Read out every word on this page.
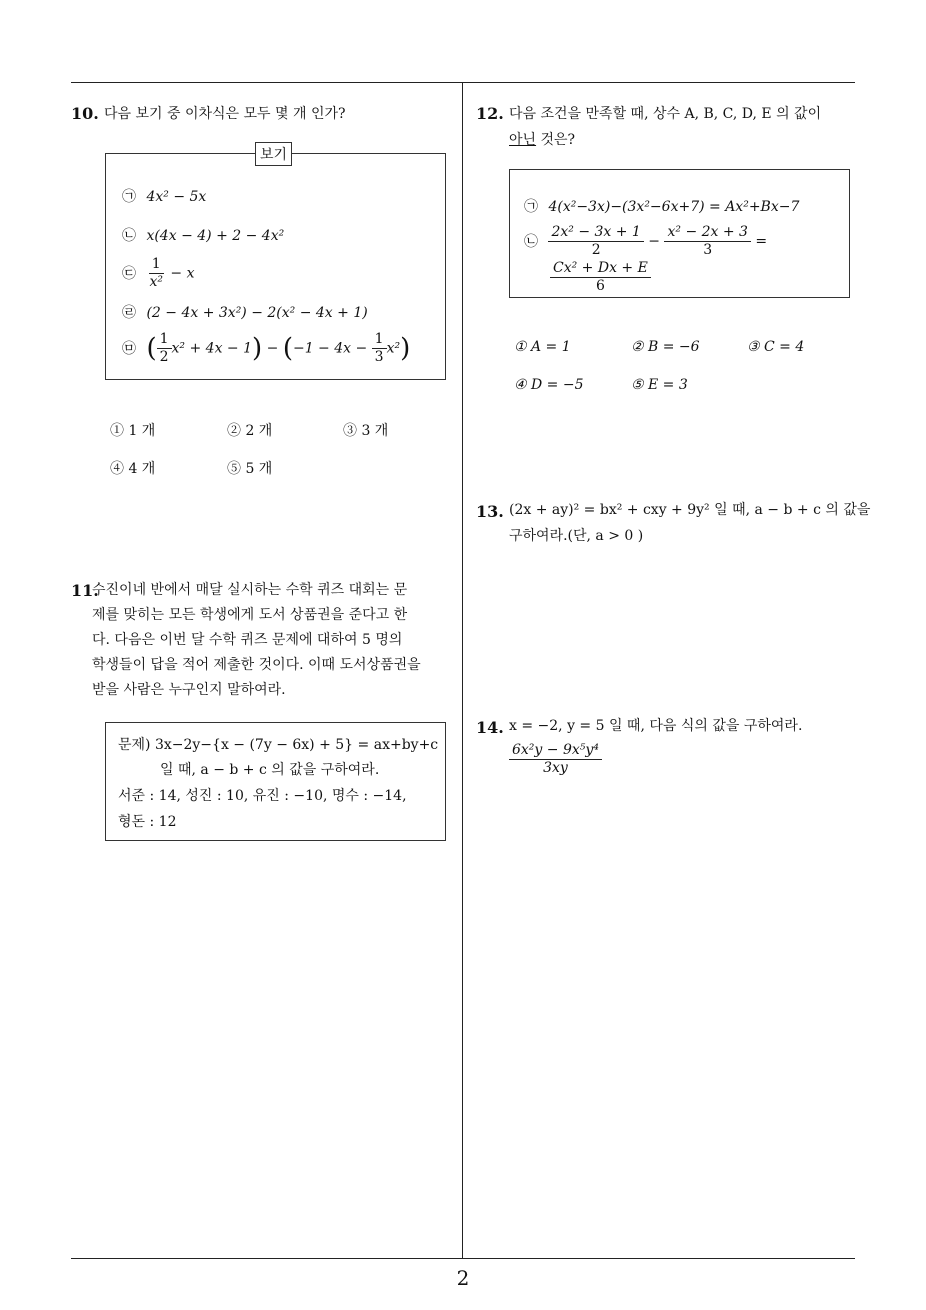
2
10. 다음 보기 중 이차식은 모두 몇 개 인가?
보기
㉠ 4x² − 5x
㉡ x(4x − 4) + 2 − 4x²
㉢ $\frac{1}{\text{x²}} - x$
㉣ (2 − 4x + 3x²) − 2(x² − 4x + 1)
㉤ ( $\frac{1}{2} x^2 + 4x - 1) - (-1 - 4x - \frac{1}{3} x^2)$
① 1 개	② 2 개	③ 3 개
④ 4 개	⑤ 5 개
11.
수진이네 반에서 매달 실시하는 수학 퀴즈 대회는 문
제를 맞히는 모든 학생에게 도서 상품권을 준다고 한
다. 다음은 이번 달 수학 퀴즈 문제에 대하여 5 명의
학생들이 답을 적어 제출한 것이다. 이때 도서상품권을
받을 사람은 누구인지 말하여라.
문제) 3x−2y−{x − (7y − 6x) + 5} = ax+by+c
일 때, a − b + c 의 값을 구하여라.
서준 : 14, 성진 : 10, 유진 : −10, 명수 : −14,
형돈 : 12
12. 다음 조건을 만족할 때, 상수 A, B, C, D, E 의 값이
아닌 것은?
㉠ 4(x²−3x)−(3x²−6x+7) = Ax²+Bx−7
㉡ $\frac{\text{2x² − 3x + 1}}{2} - \frac{\text{x² − 2x + 3}}{3}$ =
$\frac{\text{Cx² + Dx + E}}{6}$
① A = 1	② B = −6	③ C = 4
④ D = −5	⑤ E = 3
13. (2x + ay)² = bx² + cxy + 9y² 일 때, a − b + c 의 값을
구하여라.(단, a > 0 )
14. x = −2, y = 5 일 때, 다음 식의 값을 구하여라.
$\frac{\text{6x²y − 9x⁵y⁴}}{3xy}$
